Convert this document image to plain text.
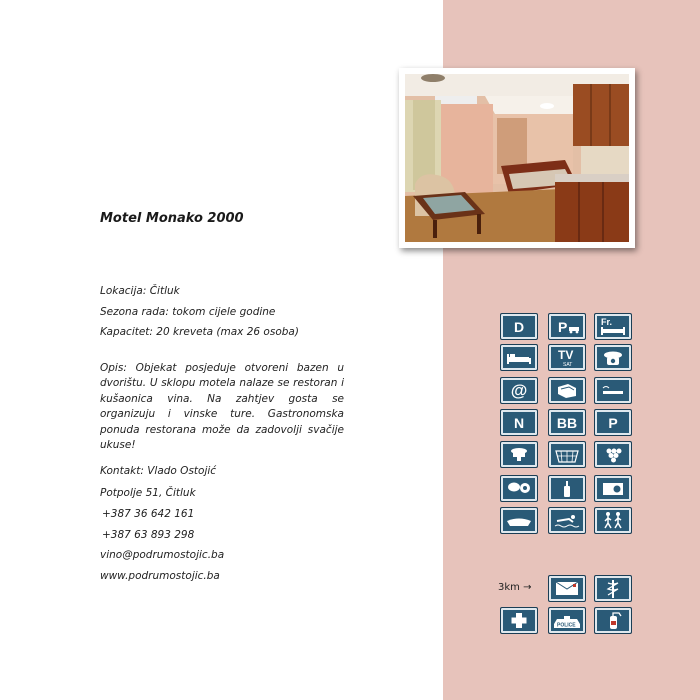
Motel Monako 2000
Lokacija: Čitluk
Sezona rada: tokom cijele godine
Kapacitet: 20 kreveta (max 26 osoba)
Opis: Objekat posjeduje otvoreni bazen u dvorištu. U sklopu motela nalaze se restoran i kušaonica vina. Na zahtjev gosta se organizuju i vinske ture. Gastronomska ponuda restorana može da zadovolji svačije ukuse!
Kontakt: Vlado Ostojić
Potpolje 51, Čitluk
+387 36 642 161
+387 63 893 298
vino@podrumostojic.ba
www.podrumostojic.ba
D P	Fr.
TV
SAT
@
N BB P
3km →
POLICE
